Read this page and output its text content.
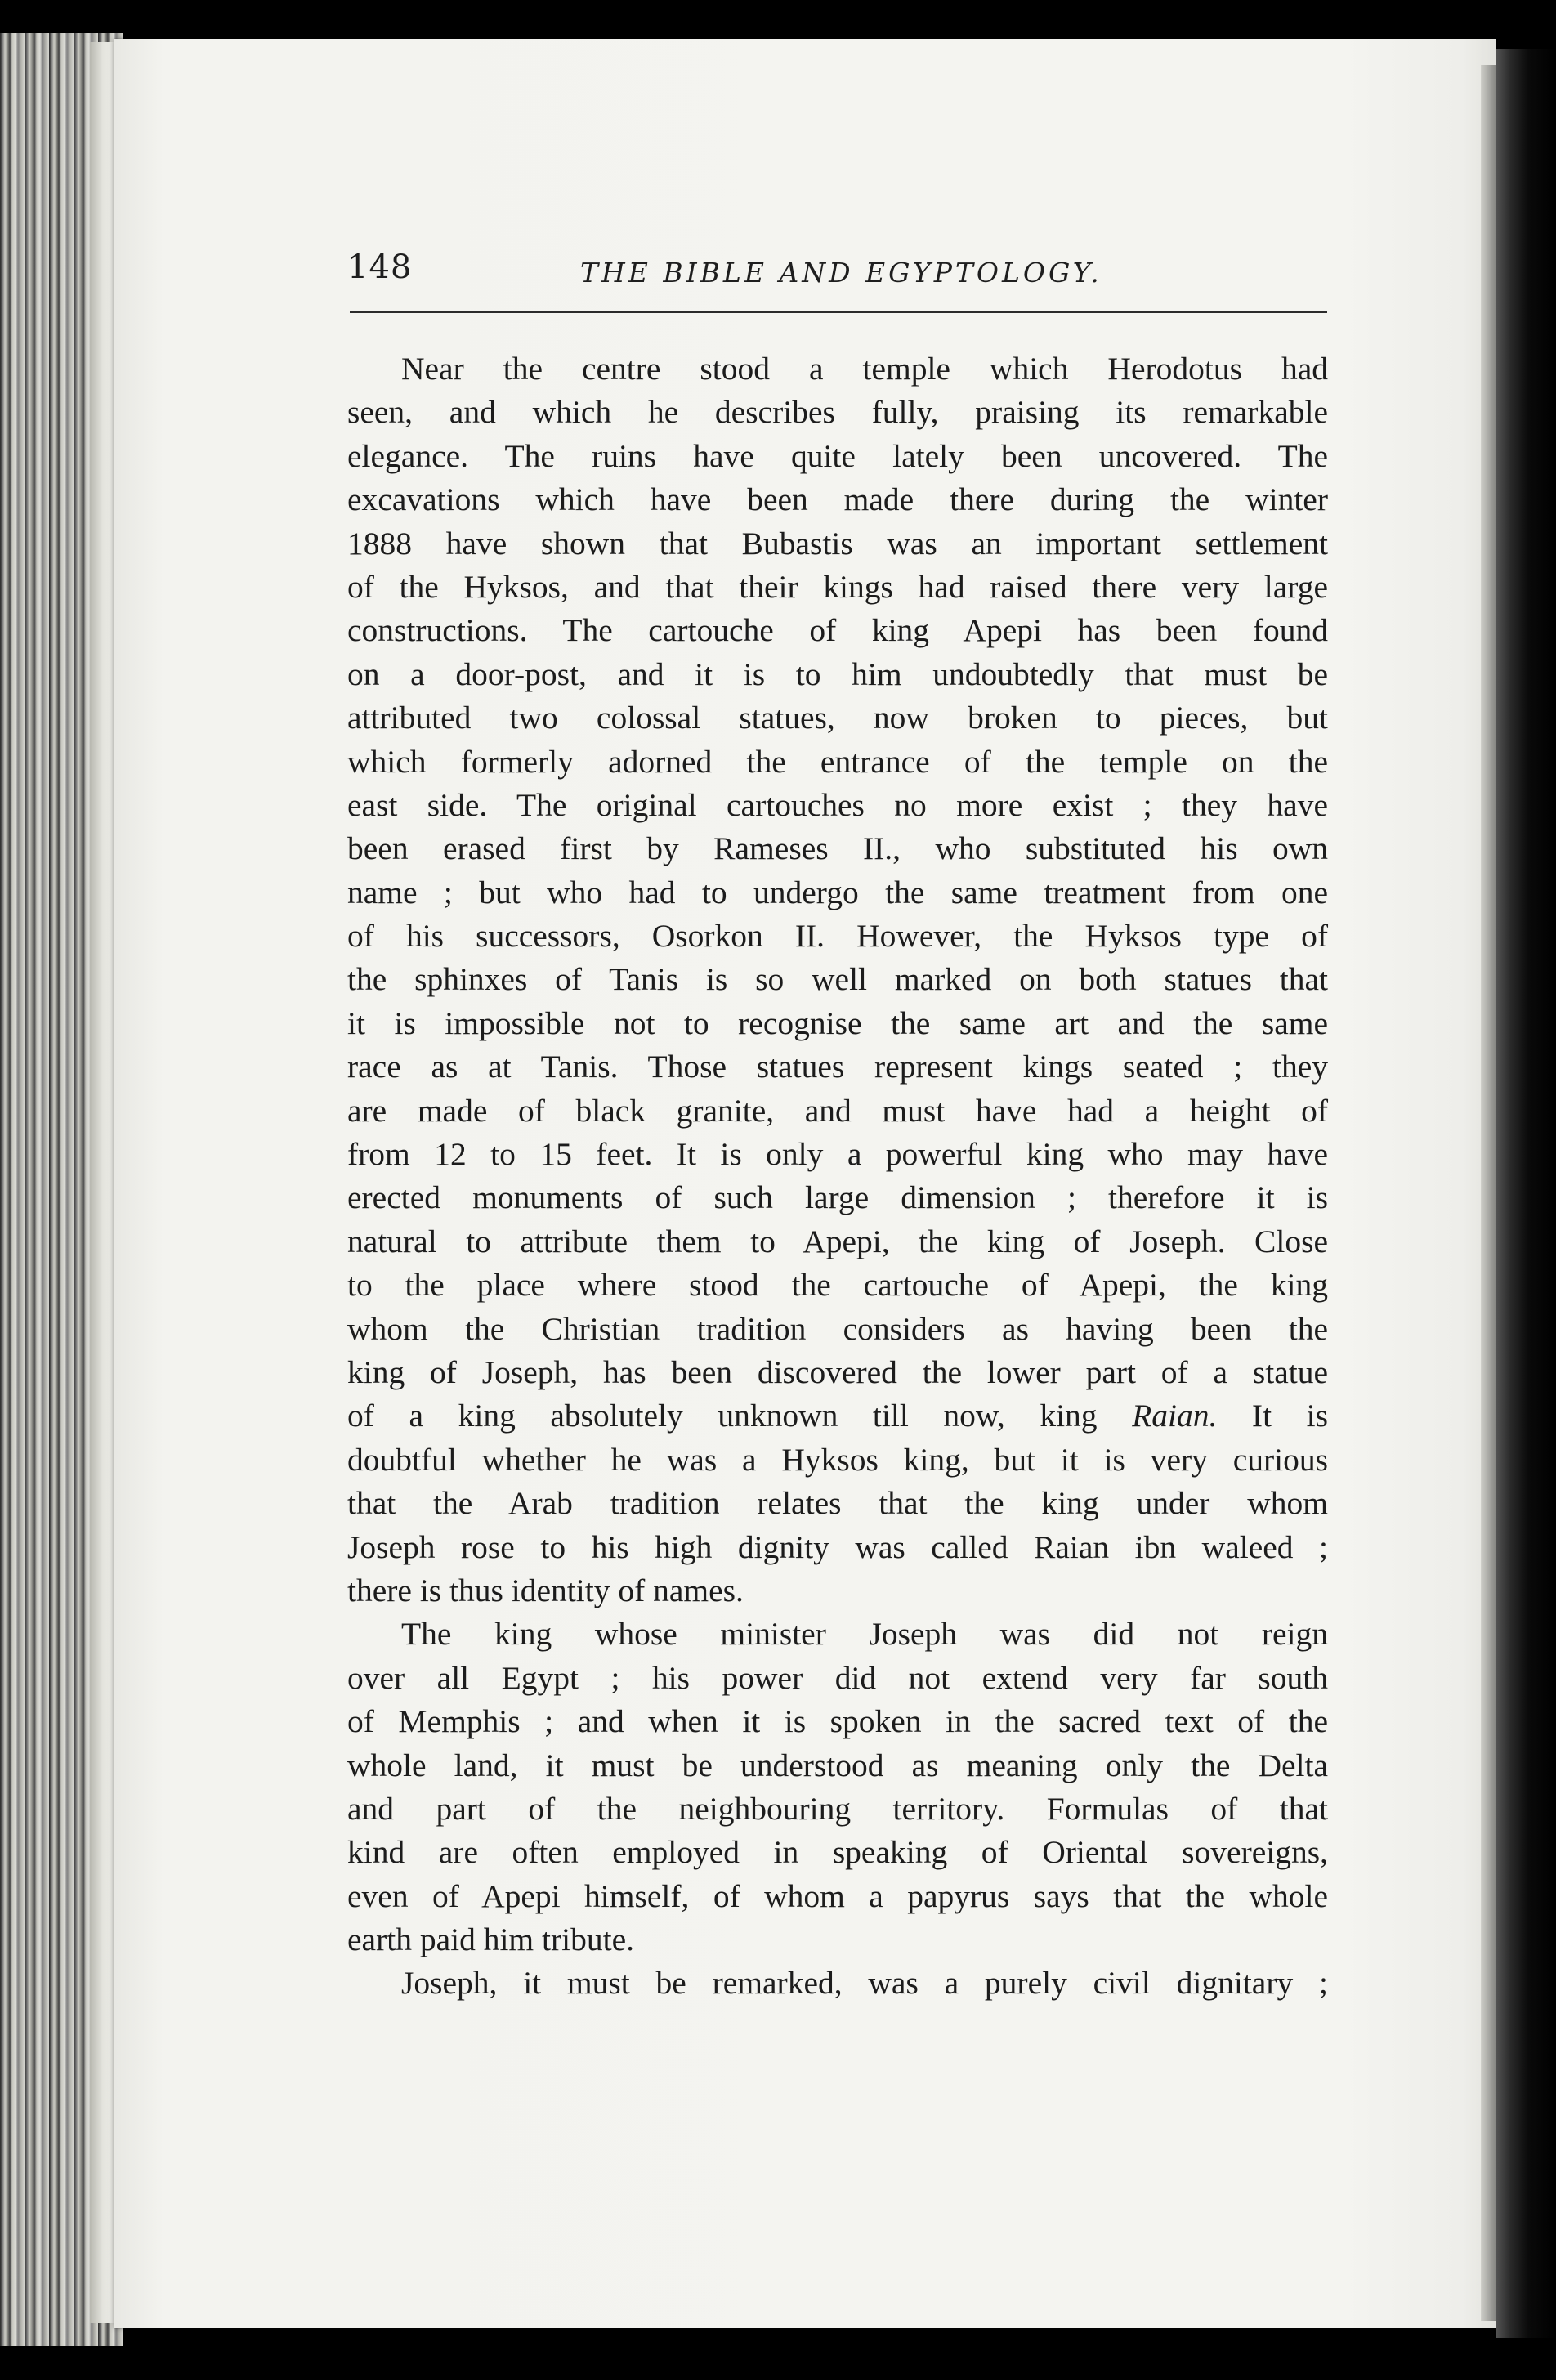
148	THE BIBLE AND EGYPTOLOGY.
Near the centre stood a temple which Herodotus had
seen, and which he describes fully, praising its remarkable
elegance. The ruins have quite lately been uncovered. The
excavations which have been made there during the winter
1888 have shown that Bubastis was an important settlement
of the Hyksos, and that their kings had raised there very large
constructions. The cartouche of king Apepi has been found
on a door-post, and it is to him undoubtedly that must be
attributed two colossal statues, now broken to pieces, but
which formerly adorned the entrance of the temple on the
east side. The original cartouches no more exist ; they have
been erased first by Rameses II., who substituted his own
name ; but who had to undergo the same treatment from one
of his successors, Osorkon II. However, the Hyksos type of
the sphinxes of Tanis is so well marked on both statues that
it is impossible not to recognise the same art and the same
race as at Tanis. Those statues represent kings seated ; they
are made of black granite, and must have had a height of
from 12 to 15 feet. It is only a powerful king who may have
erected monuments of such large dimension ; therefore it is
natural to attribute them to Apepi, the king of Joseph. Close
to the place where stood the cartouche of Apepi, the king
whom the Christian tradition considers as having been the
king of Joseph, has been discovered the lower part of a statue
of a king absolutely unknown till now, king Raian. It is
doubtful whether he was a Hyksos king, but it is very curious
that the Arab tradition relates that the king under whom
Joseph rose to his high dignity was called Raian ibn waleed ;
there is thus identity of names.
The king whose minister Joseph was did not reign
over all Egypt ; his power did not extend very far south
of Memphis ; and when it is spoken in the sacred text of the
whole land, it must be understood as meaning only the Delta
and part of the neighbouring territory. Formulas of that
kind are often employed in speaking of Oriental sovereigns,
even of Apepi himself, of whom a papyrus says that the whole
earth paid him tribute.
Joseph, it must be remarked, was a purely civil dignitary ;
